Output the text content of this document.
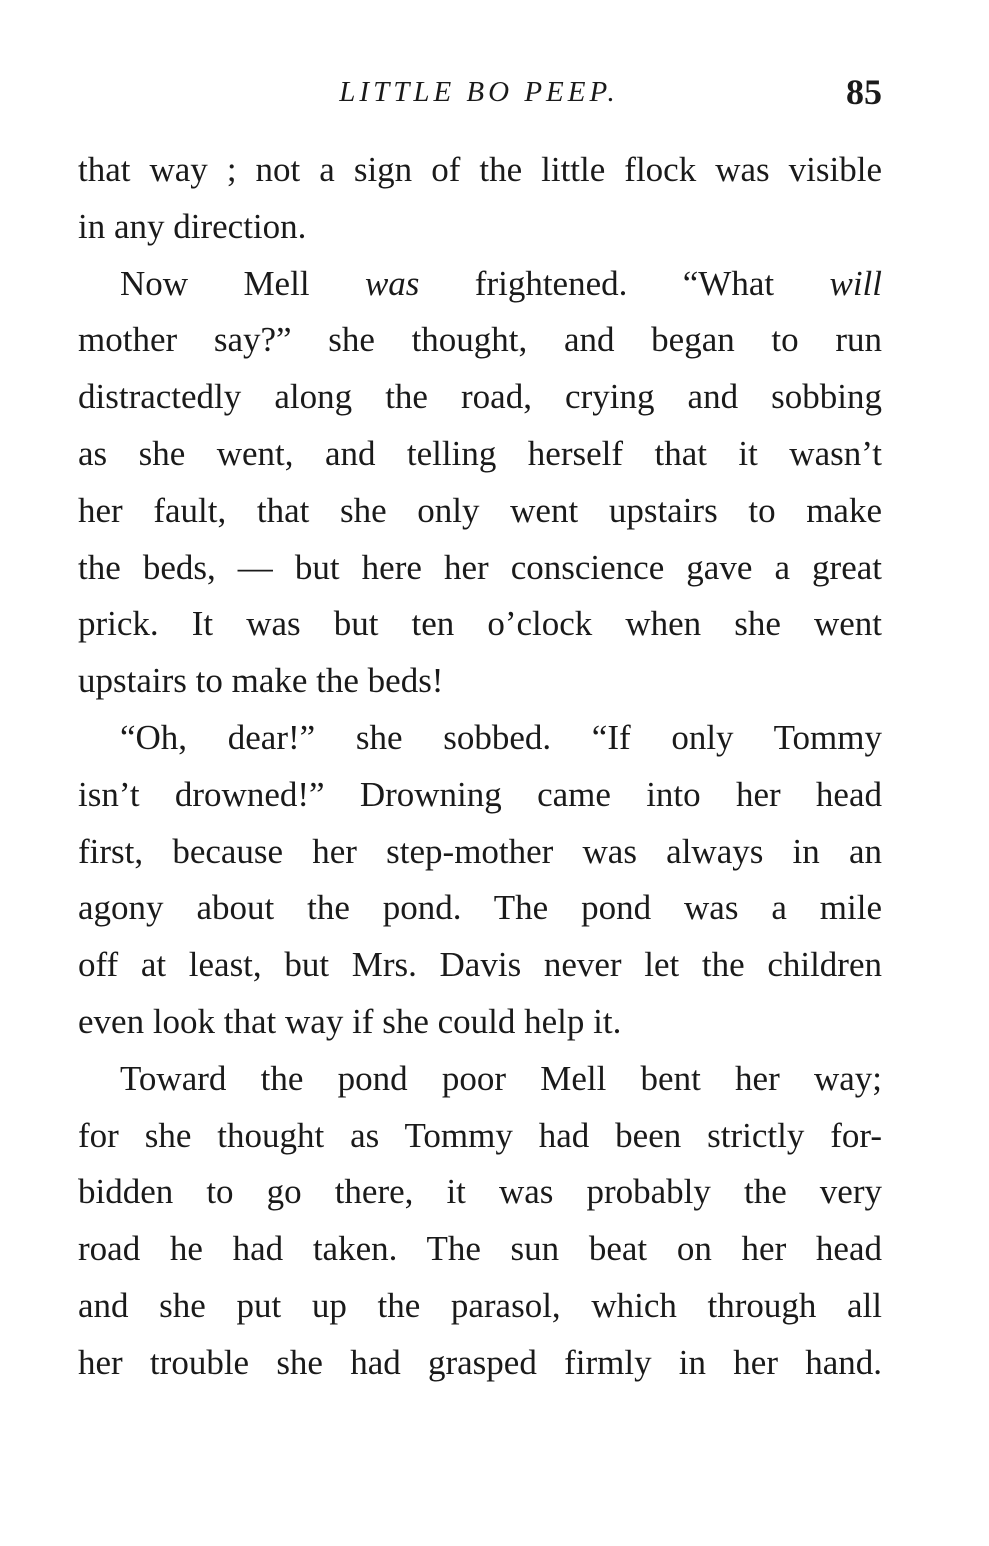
LITTLE BO PEEP.	85
that way ; not a sign of the little flock was visible
in any direction.
Now Mell was frightened. “What will
mother say?” she thought, and began to run
distractedly along the road, crying and sobbing
as she went, and telling herself that it wasn’t
her fault, that she only went upstairs to make
the beds, — but here her conscience gave a great
prick. It was but ten o’clock when she went
upstairs to make the beds!
“Oh, dear!” she sobbed. “If only Tommy
isn’t drowned!” Drowning came into her head
first, because her step-mother was always in an
agony about the pond. The pond was a mile
off at least, but Mrs. Davis never let the children
even look that way if she could help it.
Toward the pond poor Mell bent her way;
for she thought as Tommy had been strictly for-
bidden to go there, it was probably the very
road he had taken. The sun beat on her head
and she put up the parasol, which through all
her trouble she had grasped firmly in her hand.
